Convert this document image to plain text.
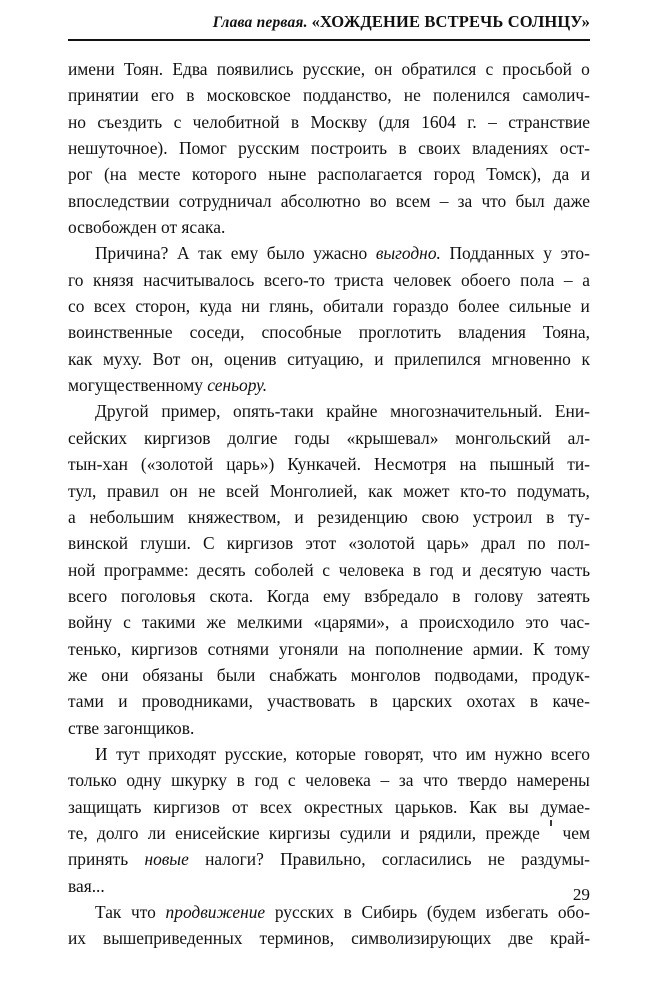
Глава первая. «ХОЖДЕНИЕ ВСТРЕЧЬ СОЛНЦУ»
имени Тоян. Едва появились русские, он обратился с просьбой о
принятии его в московское подданство, не поленился самолич-
но съездить с челобитной в Москву (для 1604 г. – странствие
нешуточное). Помог русским построить в своих владениях ост-
рог (на месте которого ныне располагается город Томск), да и
впоследствии сотрудничал абсолютно во всем – за что был даже
освобожден от ясака.
Причина? А так ему было ужасно выгодно. Подданных у это-
го князя насчитывалось всего-то триста человек обоего пола – а
со всех сторон, куда ни глянь, обитали гораздо более сильные и
воинственные соседи, способные проглотить владения Тояна,
как муху. Вот он, оценив ситуацию, и прилепился мгновенно к
могущественному сеньору.
Другой пример, опять-таки крайне многозначительный. Ени-
сейских киргизов долгие годы «крышевал» монгольский ал-
тын-хан («золотой царь») Кункачей. Несмотря на пышный ти-
тул, правил он не всей Монголией, как может кто-то подумать,
а небольшим княжеством, и резиденцию свою устроил в ту-
винской глуши. С киргизов этот «золотой царь» драл по пол-
ной программе: десять соболей с человека в год и десятую часть
всего поголовья скота. Когда ему взбредало в голову затеять
войну с такими же мелкими «царями», а происходило это час-
тенько, киргизов сотнями угоняли на пополнение армии. К тому
же они обязаны были снабжать монголов подводами, продук-
тами и проводниками, участвовать в царских охотах в каче-
стве загонщиков.
И тут приходят русские, которые говорят, что им нужно всего
только одну шкурку в год с человека – за что твердо намерены
защищать киргизов от всех окрестных царьков. Как вы думае-
те, долго ли енисейские киргизы судили и рядили, прежде чем
принять новые налоги? Правильно, согласились не раздумы-
вая...
Так что продвижение русских в Сибирь (будем избегать обо-
их вышеприведенных терминов, символизирующих две край-
29
